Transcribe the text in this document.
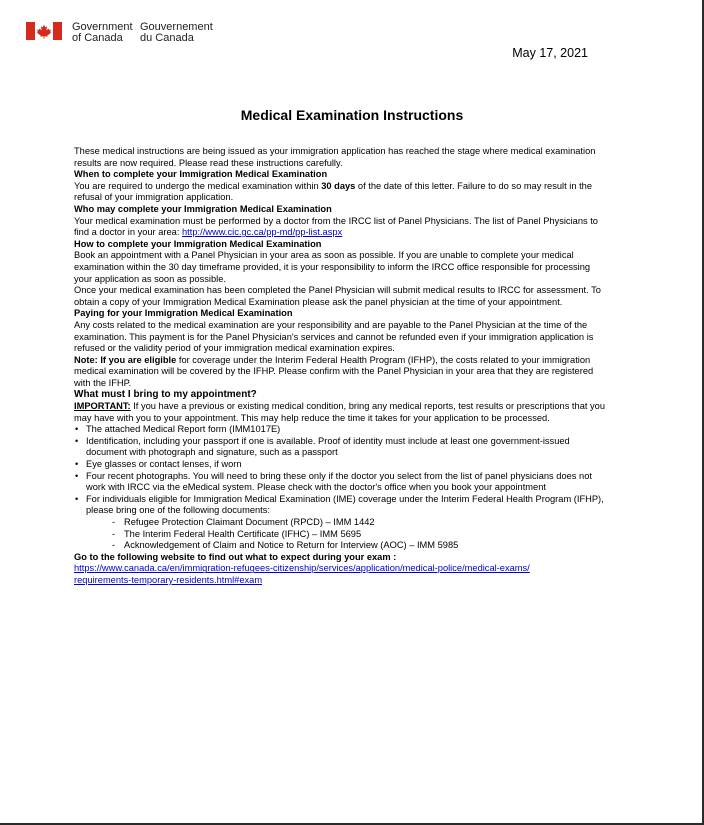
Government
of Canada
Gouvernement
du Canada
May 17, 2021
Medical Examination Instructions

These medical instructions are being issued as your immigration application has reached the stage where medical examination results are now required. Please read these instructions carefully.

When to complete your Immigration Medical Examination

You are required to undergo the medical examination within 30 days of the date of this letter. Failure to do so may result in the refusal of your immigration application.

Who may complete your Immigration Medical Examination

Your medical examination must be performed by a doctor from the IRCC list of Panel Physicians. The list of Panel Physicians to find a doctor in your area: http://www.cic.gc.ca/pp-md/pp-list.aspx

How to complete your Immigration Medical Examination

Book an appointment with a Panel Physician in your area as soon as possible. If you are unable to complete your medical examination within the 30 day timeframe provided, it is your responsibility to inform the IRCC office responsible for processing your application as soon as possible.

Once your medical examination has been completed the Panel Physician will submit medical results to IRCC for assessment. To obtain a copy of your Immigration Medical Examination please ask the panel physician at the time of your appointment.

Paying for your Immigration Medical Examination

Any costs related to the medical examination are your responsibility and are payable to the Panel Physician at the time of the examination. This payment is for the Panel Physician's services and cannot be refunded even if your immigration application is refused or the validity period of your immigration medical examination expires.

Note: If you are eligible for coverage under the Interim Federal Health Program (IFHP), the costs related to your immigration medical examination will be covered by the IFHP. Please confirm with the Panel Physician in your area that they are registered with the IFHP.

What must I bring to my appointment?

IMPORTANT: If you have a previous or existing medical condition, bring any medical reports, test results or prescriptions that you may have with you to your appointment. This may help reduce the time it takes for your application to be processed.

• The attached Medical Report form (IMM1017E)
• Identification, including your passport if one is available. Proof of identity must include at least one government-issued document with photograph and signature, such as a passport
• Eye glasses or contact lenses, if worn
• Four recent photographs. You will need to bring these only if the doctor you select from the list of panel physicians does not work with IRCC via the eMedical system. Please check with the doctor's office when you book your appointment
• For individuals eligible for Immigration Medical Examination (IME) coverage under the Interim Federal Health Program (IFHP), please bring one of the following documents:
- Refugee Protection Claimant Document (RPCD) – IMM 1442
- The Interim Federal Health Certificate (IFHC) – IMM 5695
- Acknowledgement of Claim and Notice to Return for Interview (AOC) – IMM 5985

Go to the following website to find out what to expect during your exam :

https://www.canada.ca/en/immigration-refugees-citizenship/services/application/medical-police/medical-exams/
requirements-temporary-residents.html#exam
